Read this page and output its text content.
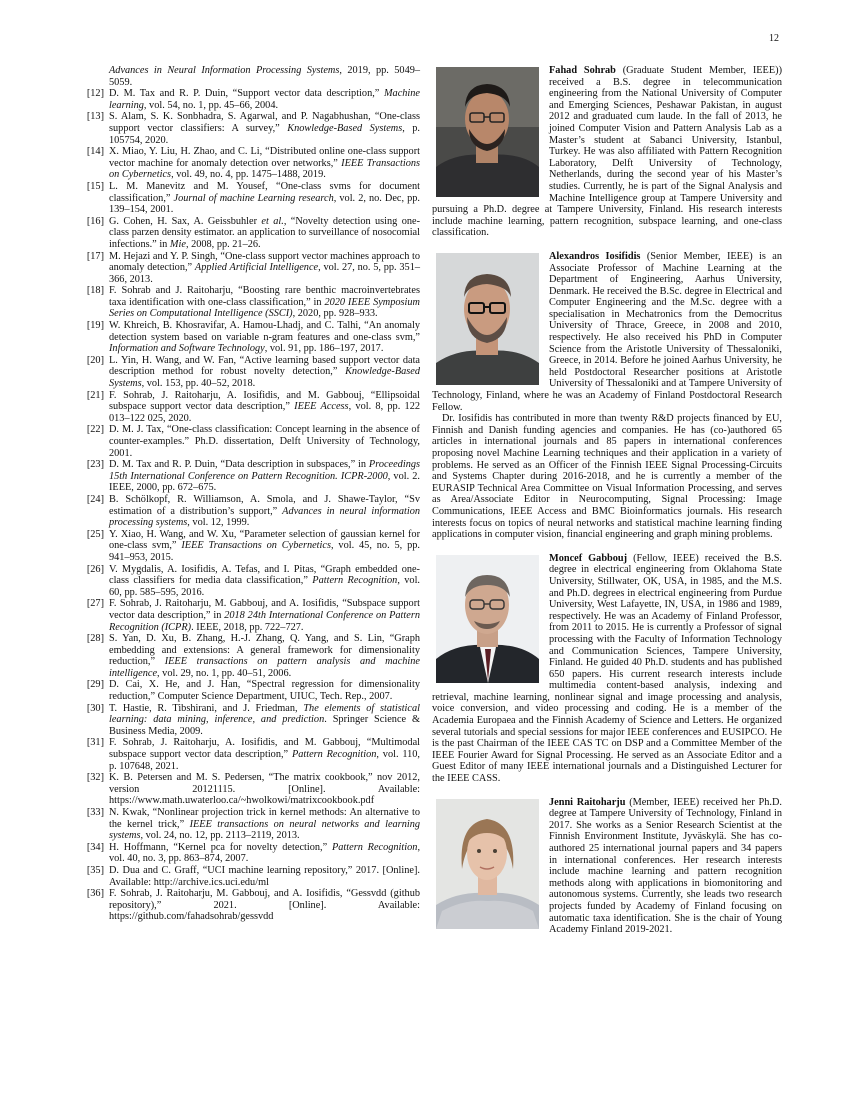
12

Advances in Neural Information Processing Systems, 2019, pp. 5049–5059.

[12] D. M. Tax and R. P. Duin, “Support vector data description,” Machine learning, vol. 54, no. 1, pp. 45–66, 2004.

[13] S. Alam, S. K. Sonbhadra, S. Agarwal, and P. Nagabhushan, “One-class support vector classifiers: A survey,” Knowledge-Based Systems, p. 105754, 2020.

[14] X. Miao, Y. Liu, H. Zhao, and C. Li, “Distributed online one-class support vector machine for anomaly detection over networks,” IEEE Transactions on Cybernetics, vol. 49, no. 4, pp. 1475–1488, 2019.

[15] L. M. Manevitz and M. Yousef, “One-class svms for document classification,” Journal of machine Learning research, vol. 2, no. Dec, pp. 139–154, 2001.

[16] G. Cohen, H. Sax, A. Geissbuhler et al., “Novelty detection using one-class parzen density estimator. an application to surveillance of nosocomial infections.” in Mie, 2008, pp. 21–26.

[17] M. Hejazi and Y. P. Singh, “One-class support vector machines approach to anomaly detection,” Applied Artificial Intelligence, vol. 27, no. 5, pp. 351–366, 2013.

[18] F. Sohrab and J. Raitoharju, “Boosting rare benthic macroinvertebrates taxa identification with one-class classification,” in 2020 IEEE Symposium Series on Computational Intelligence (SSCI), 2020, pp. 928–933.

[19] W. Khreich, B. Khosravifar, A. Hamou-Lhadj, and C. Talhi, “An anomaly detection system based on variable n-gram features and one-class svm,” Information and Software Technology, vol. 91, pp. 186–197, 2017.

[20] L. Yin, H. Wang, and W. Fan, “Active learning based support vector data description method for robust novelty detection,” Knowledge-Based Systems, vol. 153, pp. 40–52, 2018.

[21] F. Sohrab, J. Raitoharju, A. Iosifidis, and M. Gabbouj, “Ellipsoidal subspace support vector data description,” IEEE Access, vol. 8, pp. 122 013–122 025, 2020.

[22] D. M. J. Tax, “One-class classification: Concept learning in the absence of counter-examples.” Ph.D. dissertation, Delft University of Technology, 2001.

[23] D. M. Tax and R. P. Duin, “Data description in subspaces,” in Proceedings 15th International Conference on Pattern Recognition. ICPR-2000, vol. 2. IEEE, 2000, pp. 672–675.

[24] B. Schölkopf, R. Williamson, A. Smola, and J. Shawe-Taylor, “Sv estimation of a distribution’s support,” Advances in neural information processing systems, vol. 12, 1999.

[25] Y. Xiao, H. Wang, and W. Xu, “Parameter selection of gaussian kernel for one-class svm,” IEEE Transactions on Cybernetics, vol. 45, no. 5, pp. 941–953, 2015.

[26] V. Mygdalis, A. Iosifidis, A. Tefas, and I. Pitas, “Graph embedded one-class classifiers for media data classification,” Pattern Recognition, vol. 60, pp. 585–595, 2016.

[27] F. Sohrab, J. Raitoharju, M. Gabbouj, and A. Iosifidis, “Subspace support vector data description,” in 2018 24th International Conference on Pattern Recognition (ICPR). IEEE, 2018, pp. 722–727.

[28] S. Yan, D. Xu, B. Zhang, H.-J. Zhang, Q. Yang, and S. Lin, “Graph embedding and extensions: A general framework for dimensionality reduction,” IEEE transactions on pattern analysis and machine intelligence, vol. 29, no. 1, pp. 40–51, 2006.

[29] D. Cai, X. He, and J. Han, “Spectral regression for dimensionality reduction,” Computer Science Department, UIUC, Tech. Rep., 2007.

[30] T. Hastie, R. Tibshirani, and J. Friedman, The elements of statistical learning: data mining, inference, and prediction. Springer Science & Business Media, 2009.

[31] F. Sohrab, J. Raitoharju, A. Iosifidis, and M. Gabbouj, “Multimodal subspace support vector data description,” Pattern Recognition, vol. 110, p. 107648, 2021.

[32] K. B. Petersen and M. S. Pedersen, “The matrix cookbook,” nov 2012, version 20121115. [Online]. Available: https://www.math.uwaterloo.ca/~hwolkowi/matrixcookbook.pdf

[33] N. Kwak, “Nonlinear projection trick in kernel methods: An alternative to the kernel trick,” IEEE transactions on neural networks and learning systems, vol. 24, no. 12, pp. 2113–2119, 2013.

[34] H. Hoffmann, “Kernel pca for novelty detection,” Pattern Recognition, vol. 40, no. 3, pp. 863–874, 2007.

[35] D. Dua and C. Graff, “UCI machine learning repository,” 2017. [Online]. Available: http://archive.ics.uci.edu/ml

[36] F. Sohrab, J. Raitoharju, M. Gabbouj, and A. Iosifidis, “Gessvdd (github repository),” 2021. [Online]. Available: https://github.com/fahadsohrab/gessvdd

Fahad Sohrab (Graduate Student Member, IEEE)) received a B.S. degree in telecommunication engineering from the National University of Computer and Emerging Sciences, Peshawar Pakistan, in august 2012 and graduated cum laude. In the fall of 2013, he joined Computer Vision and Pattern Analysis Lab as a Master’s student at Sabanci University, Istanbul, Turkey. He was also affiliated with Pattern Recognition Laboratory, Delft University of Technology, Netherlands, during the second year of his Master’s studies. Currently, he is part of the Signal Analysis and Machine Intelligence group at Tampere University and pursuing a Ph.D. degree at Tampere University, Finland. His research interests include machine learning, pattern recognition, subspace learning, and one-class classification.

Alexandros Iosifidis (Senior Member, IEEE) is an Associate Professor of Machine Learning at the Department of Engineering, Aarhus University, Denmark. He received the B.Sc. degree in Electrical and Computer Engineering and the M.Sc. degree with a specialisation in Mechatronics from the Democritus University of Thrace, Greece, in 2008 and 2010, respectively. He also received his PhD in Computer Science from the Aristotle University of Thessaloniki, Greece, in 2014. Before he joined Aarhus University, he held Postdoctoral Researcher positions at Aristotle University of Thessaloniki and at Tampere University of Technology, Finland, where he was an Academy of Finland Postdoctoral Research Fellow.

Dr. Iosifidis has contributed in more than twenty R&D projects financed by EU, Finnish and Danish funding agencies and companies. He has (co-)authored 65 articles in international journals and 85 papers in international conferences proposing novel Machine Learning techniques and their application in a variety of problems. He served as an Officer of the Finnish IEEE Signal Processing-Circuits and Systems Chapter during 2016-2018, and he is currently a member of the EURASIP Technical Area Committee on Visual Information Processing, and serves as Area/Associate Editor in Neurocomputing, Signal Processing: Image Communications, IEEE Access and BMC Bioinformatics journals. His research interests focus on topics of neural networks and statistical machine learning finding applications in computer vision, financial engineering and graph mining problems.

Moncef Gabbouj (Fellow, IEEE) received the B.S. degree in electrical engineering from Oklahoma State University, Stillwater, OK, USA, in 1985, and the M.S. and Ph.D. degrees in electrical engineering from Purdue University, West Lafayette, IN, USA, in 1986 and 1989, respectively. He was an Academy of Finland Professor, from 2011 to 2015. He is currently a Professor of signal processing with the Faculty of Information Technology and Communication Sciences, Tampere University, Finland. He guided 40 Ph.D. students and has published 650 papers. His current research interests include multimedia content-based analysis, indexing and retrieval, machine learning, nonlinear signal and image processing and analysis, voice conversion, and video processing and coding. He is a member of the Academia Europaea and the Finnish Academy of Science and Letters. He organized several tutorials and special sessions for major IEEE conferences and EUSIPCO. He is the past Chairman of the IEEE CAS TC on DSP and a Committee Member of the IEEE Fourier Award for Signal Processing. He served as an Associate Editor and a Guest Editor of many IEEE international journals and a Distinguished Lecturer for the IEEE CASS.

Jenni Raitoharju (Member, IEEE) received her Ph.D. degree at Tampere University of Technology, Finland in 2017. She works as a Senior Research Scientist at the Finnish Environment Institute, Jyväskylä. She has co-authored 25 international journal papers and 34 papers in international conferences. Her research interests include machine learning and pattern recognition methods along with applications in biomonitoring and autonomous systems. Currently, she leads two research projects funded by Academy of Finland focusing on automatic taxa identification. She is the chair of Young Academy Finland 2019-2021.
